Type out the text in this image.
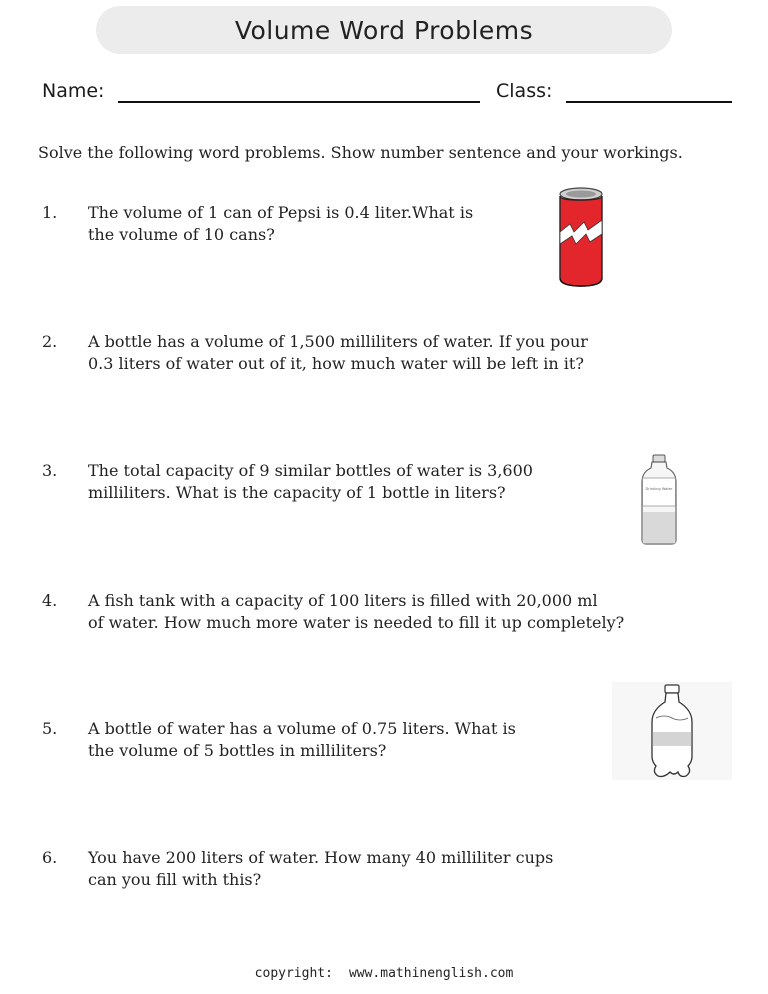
Volume Word Problems
Name:	Class:
Solve the following word problems. Show number sentence and your workings.
1. The volume of 1 can of Pepsi is 0.4 liter.What is
the volume of 10 cans?
2. A bottle has a volume of 1,500 milliliters of water. If you pour
0.3 liters of water out of it, how much water will be left in it?
3. The total capacity of 9 similar bottles of water is 3,600
milliliters. What is the capacity of 1 bottle in liters?
4. A fish tank with a capacity of 100 liters is filled with 20,000 ml
of water. How much more water is needed to fill it up completely?
5. A bottle of water has a volume of 0.75 liters. What is
the volume of 5 bottles in milliliters?
6. You have 200 liters of water. How many 40 milliliter cups
can you fill with this?
Drinking Water
copyright: www.mathinenglish.com
